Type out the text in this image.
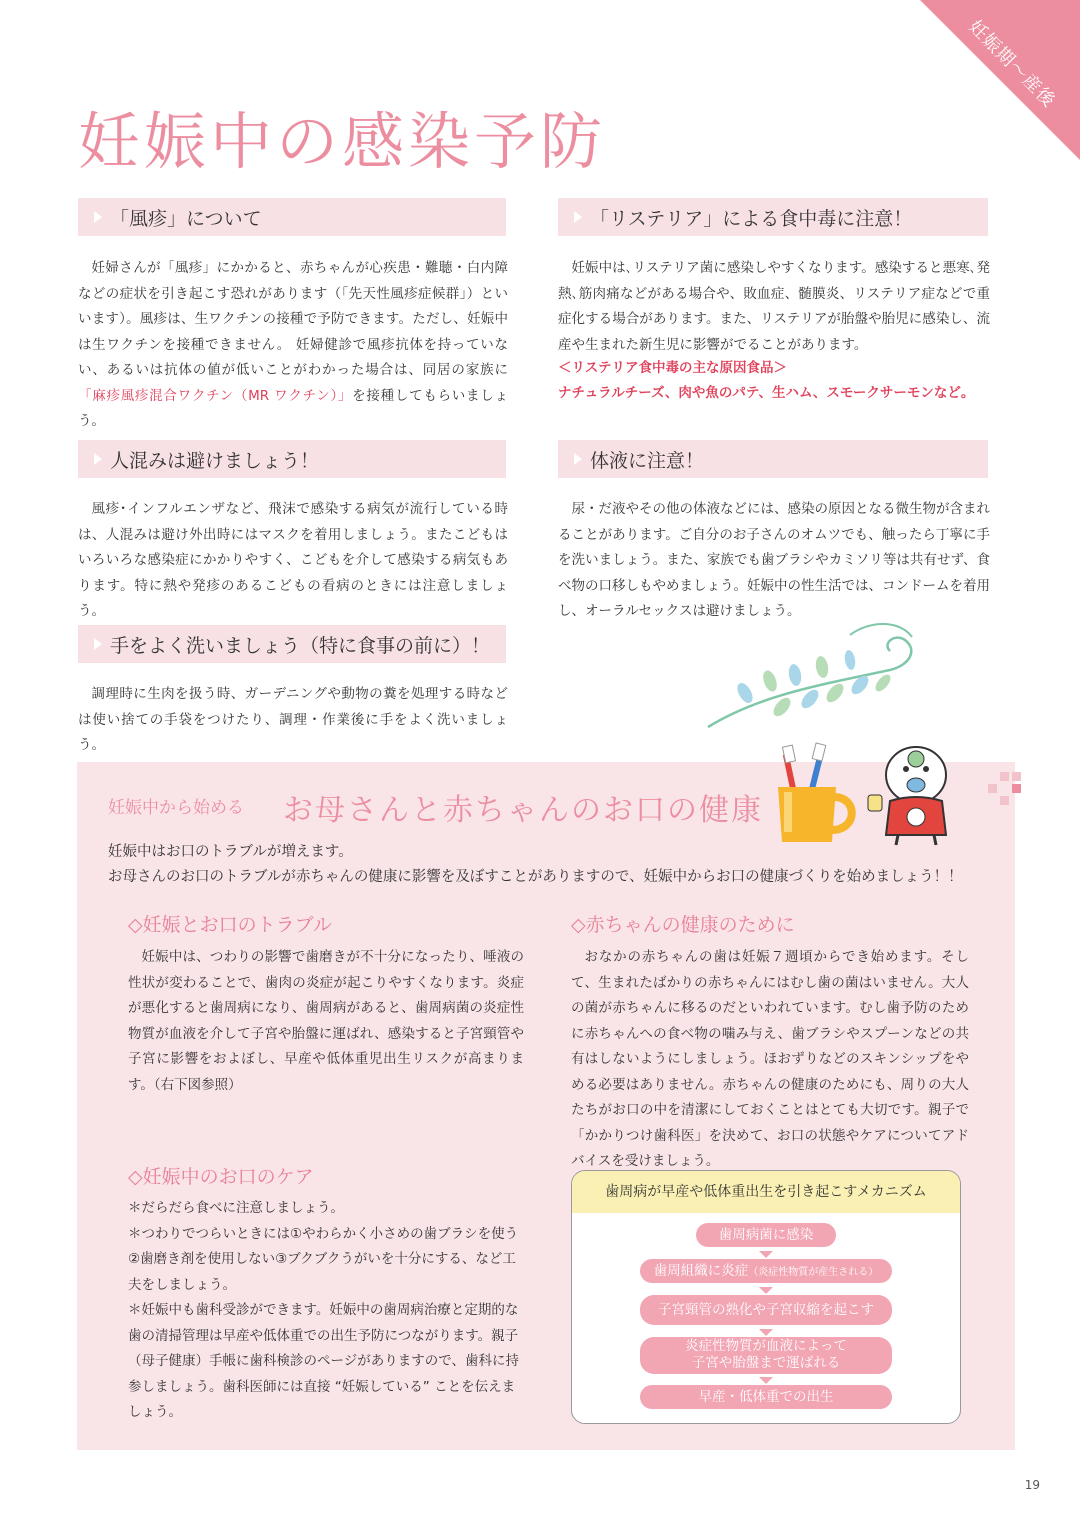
妊娠期〜産後
妊娠中の感染予防
「風疹」について

妊婦さんが「風疹」にかかると、赤ちゃんが心疾患・難聴・白内障などの症状を引き起こす恐れがあります（「先天性風疹症候群」）といいます）。風疹は、生ワクチンの接種で予防できます。ただし、妊娠中は生ワクチンを接種できません。 妊婦健診で風疹抗体を持っていない、あるいは抗体の値が低いことがわかった場合は、同居の家族に「麻疹風疹混合ワクチン（MR ワクチン）」を接種してもらいましょう。

「リステリア」による食中毒に注意！

妊娠中は､リステリア菌に感染しやすくなります。感染すると悪寒､発熱､筋肉痛などがある場合や、敗血症、髄膜炎、リステリア症などで重症化する場合があります。また、リステリアが胎盤や胎児に感染し、流産や生まれた新生児に影響がでることがあります。

＜リステリア食中毒の主な原因食品＞

ナチュラルチーズ、肉や魚のパテ、生ハム、スモークサーモンなど。

人混みは避けましょう！

風疹･インフルエンザなど、飛沫で感染する病気が流行している時は、人混みは避け外出時にはマスクを着用しましょう。またこどもはいろいろな感染症にかかりやすく、こどもを介して感染する病気もあります。特に熱や発疹のあるこどもの看病のときには注意しましょう。

体液に注意！

尿・だ液やその他の体液などには、感染の原因となる微生物が含まれることがあります。ご自分のお子さんのオムツでも、触ったら丁寧に手を洗いましょう。また、家族でも歯ブラシやカミソリ等は共有せず、食べ物の口移しもやめましょう。妊娠中の性生活では、コンドームを着用し、オーラルセックスは避けましょう。

手をよく洗いましょう（特に食事の前に）！

調理時に生肉を扱う時、ガーデニングや動物の糞を処理する時などは使い捨ての手袋をつけたり、調理・作業後に手をよく洗いましょう。

妊娠中から始める お母さんと赤ちゃんのお口の健康

妊娠中はお口のトラブルが増えます。
お母さんのお口のトラブルが赤ちゃんの健康に影響を及ぼすことがありますので、妊娠中からお口の健康づくりを始めましょう！！

◇妊娠とお口のトラブル

妊娠中は、つわりの影響で歯磨きが不十分になったり、唾液の性状が変わることで、歯肉の炎症が起こりやすくなります。炎症が悪化すると歯周病になり、歯周病があると、歯周病菌の炎症性物質が血液を介して子宮や胎盤に運ばれ、感染すると子宮頸管や子宮に影響をおよぼし、早産や低体重児出生リスクが高まります。（右下図参照）

◇赤ちゃんの健康のために

おなかの赤ちゃんの歯は妊娠７週頃からでき始めます。そして、生まれたばかりの赤ちゃんにはむし歯の菌はいません。大人の菌が赤ちゃんに移るのだといわれています。むし歯予防のために赤ちゃんへの食べ物の噛み与え、歯ブラシやスプーンなどの共有はしないようにしましょう。ほおずりなどのスキンシップをやめる必要はありません。赤ちゃんの健康のためにも、周りの大人たちがお口の中を清潔にしておくことはとても大切です。親子で「かかりつけ歯科医」を決めて、お口の状態やケアについてアドバイスを受けましょう。

◇妊娠中のお口のケア

＊だらだら食べに注意しましょう。
＊つわりでつらいときには①やわらかく小さめの歯ブラシを使う②歯磨き剤を使用しない③ブクブクうがいを十分にする、など工夫をしましょう。
＊妊娠中も歯科受診ができます。妊娠中の歯周病治療と定期的な歯の清掃管理は早産や低体重での出生予防につながります。親子（母子健康）手帳に歯科検診のページがありますので、歯科に持参しましょう。歯科医師には直接 “妊娠している” ことを伝えましょう。

歯周病が早産や低体重出生を引き起こすメカニズム
歯周病菌に感染
歯周組織に炎症（炎症性物質が産生される）
子宮頸管の熟化や子宮収縮を起こす
炎症性物質が血液によって
子宮や胎盤まで運ばれる
早産・低体重での出生
19
